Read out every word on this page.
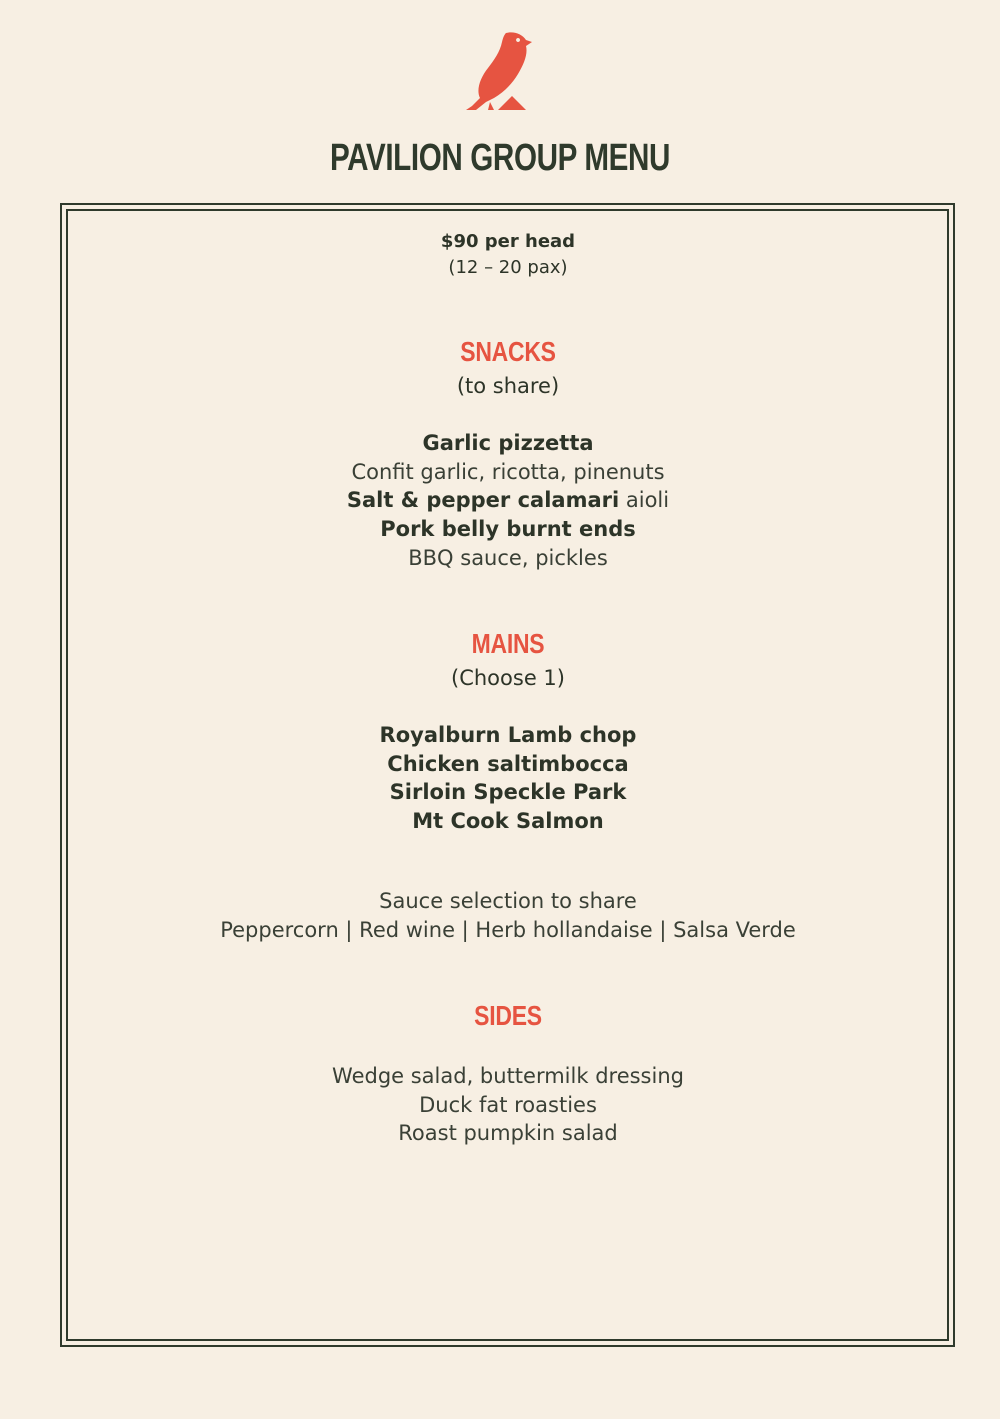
PAVILION GROUP MENU
$90 per head
(12 – 20 pax)
SNACKS
(to share)
Garlic pizzetta
Confit garlic, ricotta, pinenuts
Salt & pepper calamari aioli
Pork belly burnt ends
BBQ sauce, pickles
MAINS
(Choose 1)
Royalburn Lamb chop
Chicken saltimbocca
Sirloin Speckle Park
Mt Cook Salmon
Sauce selection to share
Peppercorn | Red wine | Herb hollandaise | Salsa Verde
SIDES
Wedge salad, buttermilk dressing
Duck fat roasties
Roast pumpkin salad
